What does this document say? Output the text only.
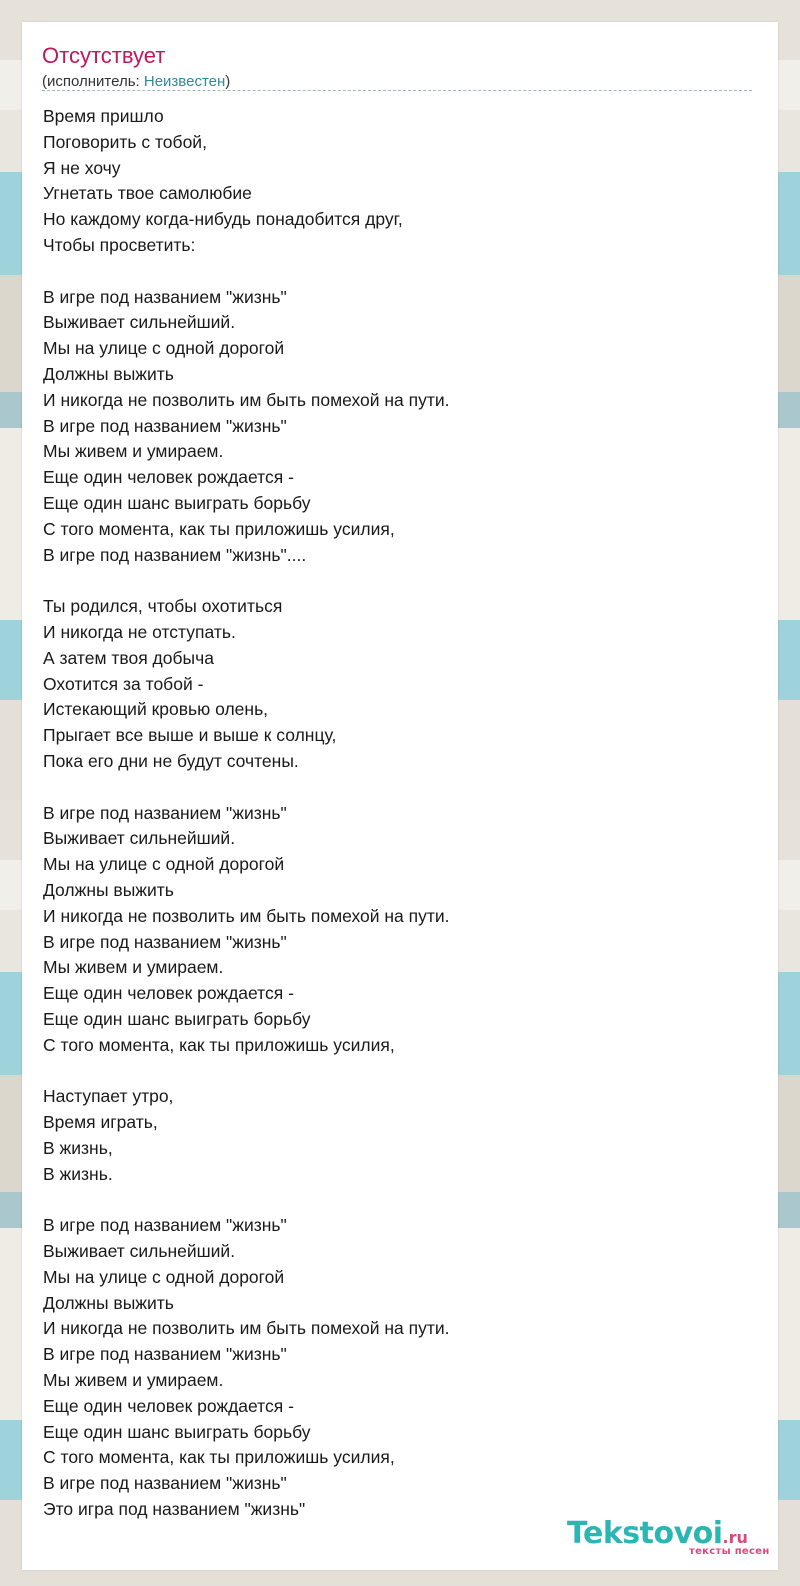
Отсутствует
(исполнитель: Неизвестен)
Время пришло
Поговорить с тобой,
Я не хочу
Угнетать твое самолюбие
Но каждому когда-нибудь понадобится друг,
Чтобы просветить:
В игре под названием "жизнь"
Выживает сильнейший.
Мы на улице с одной дорогой
Должны выжить
И никогда не позволить им быть помехой на пути.
В игре под названием "жизнь"
Мы живем и умираем.
Еще один человек рождается -
Еще один шанс выиграть борьбу
С того момента, как ты приложишь усилия,
В игре под названием "жизнь"....
Ты родился, чтобы охотиться
И никогда не отступать.
А затем твоя добыча
Охотится за тобой -
Истекающий кровью олень,
Прыгает все выше и выше к солнцу,
Пока его дни не будут сочтены.
В игре под названием "жизнь"
Выживает сильнейший.
Мы на улице с одной дорогой
Должны выжить
И никогда не позволить им быть помехой на пути.
В игре под названием "жизнь"
Мы живем и умираем.
Еще один человек рождается -
Еще один шанс выиграть борьбу
С того момента, как ты приложишь усилия,
Наступает утро,
Время играть,
В жизнь,
В жизнь.
В игре под названием "жизнь"
Выживает сильнейший.
Мы на улице с одной дорогой
Должны выжить
И никогда не позволить им быть помехой на пути.
В игре под названием "жизнь"
Мы живем и умираем.
Еще один человек рождается -
Еще один шанс выиграть борьбу
С того момента, как ты приложишь усилия,
В игре под названием "жизнь"
Это игра под названием "жизнь"
Tekstovoi.ru
тексты песен
